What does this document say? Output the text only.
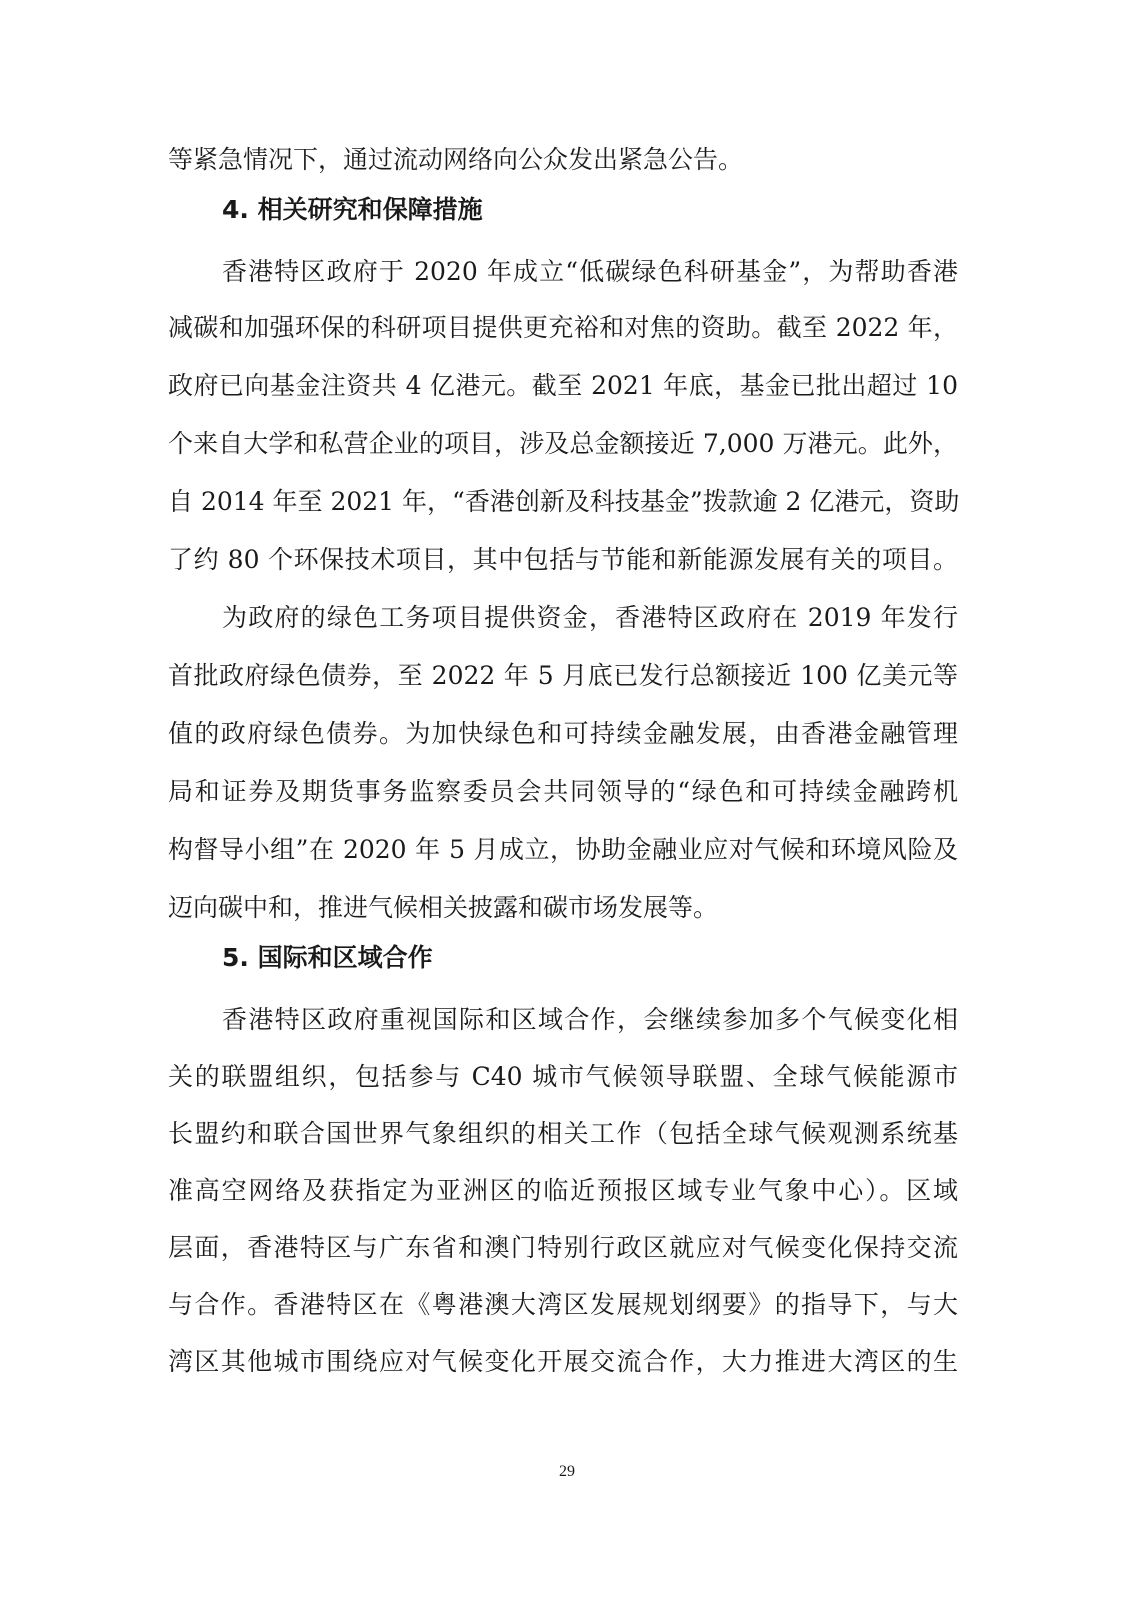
等紧急情况下，通过流动网络向公众发出紧急公告。
4. 相关研究和保障措施
香港特区政府于 2020 年成立“低碳绿色科研基金”，为帮助香港
减碳和加强环保的科研项目提供更充裕和对焦的资助。截至 2022 年，
政府已向基金注资共 4 亿港元。截至 2021 年底，基金已批出超过 10
个来自大学和私营企业的项目，涉及总金额接近 7,000 万港元。此外，
自 2014 年至 2021 年，“香港创新及科技基金”拨款逾 2 亿港元，资助
了约 80 个环保技术项目，其中包括与节能和新能源发展有关的项目。
为政府的绿色工务项目提供资金，香港特区政府在 2019 年发行
首批政府绿色债券，至 2022 年 5 月底已发行总额接近 100 亿美元等
值的政府绿色债券。为加快绿色和可持续金融发展，由香港金融管理
局和证券及期货事务监察委员会共同领导的“绿色和可持续金融跨机
构督导小组”在 2020 年 5 月成立，协助金融业应对气候和环境风险及
迈向碳中和，推进气候相关披露和碳市场发展等。
5. 国际和区域合作
香港特区政府重视国际和区域合作，会继续参加多个气候变化相
关的联盟组织，包括参与 C40 城市气候领导联盟、全球气候能源市
长盟约和联合国世界气象组织的相关工作（包括全球气候观测系统基
准高空网络及获指定为亚洲区的临近预报区域专业气象中心）。区域
层面，香港特区与广东省和澳门特别行政区就应对气候变化保持交流
与合作。香港特区在《粤港澳大湾区发展规划纲要》的指导下，与大
湾区其他城市围绕应对气候变化开展交流合作，大力推进大湾区的生
29
